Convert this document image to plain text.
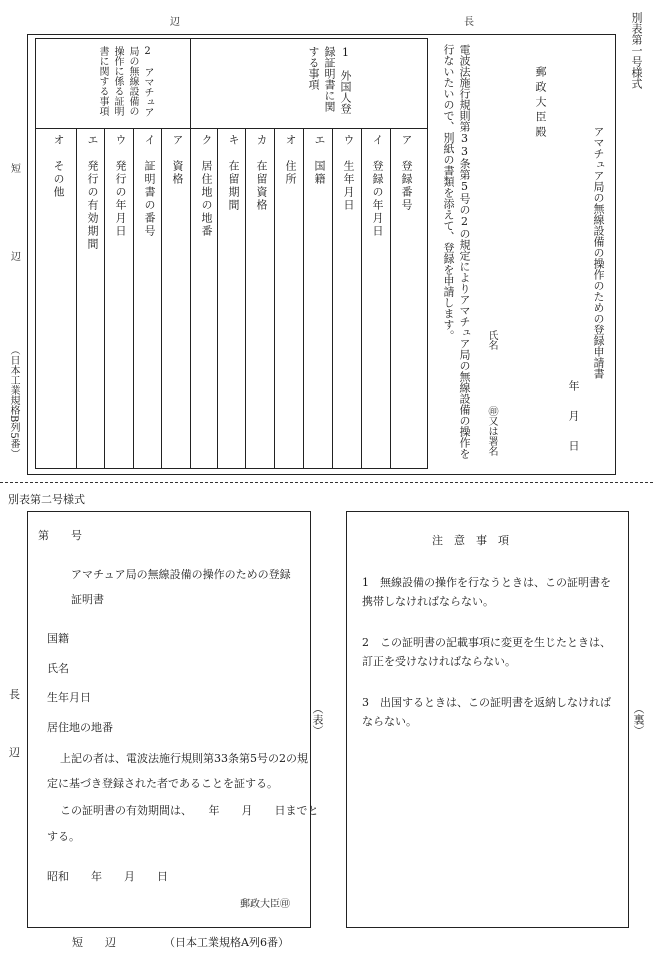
別表第一号様式
長
辺
短
辺
（日本工業規格B列5番）
アマチュア局の無線設備の操作のための登録申請書
年　月　日
郵政大臣殿
氏名
㊞又は署名
電波法施行規則第33条第5号の2の規定によりアマチュア局の無線設備の操作を行ないたいので、別紙の書類を添えて、登録を申請します。
1　外国人登録証明書に関する事項
2　アマチュア局の無線設備の操作に係る証明書に関する事項
ア　登録番号
イ　登録の年月日
ウ　生年月日
エ　国籍
オ　住所
カ　在留資格
キ　在留期間
ク　居住地の地番
ア　資格
イ　証明書の番号
ウ　発行の年月日
エ　発行の有効期間
オ　その他
別表第二号様式
長
辺
第　　号
アマチュア局の無線設備の操作のための登録
証明書
国籍
氏名
生年月日
居住地の地番
上記の者は、電波法施行規則第33条第5号の2の規
定に基づき登録された者であることを証する。
この証明書の有効期間は、　　年　　月　　日までと
する。
昭和　　年　　月　　日
郵政大臣㊞
短　　辺	（日本工業規格A列6番）
（表）	（裏）
注　意　事　項

1　無線設備の操作を行なうときは、この証明書を携帯しなければならない。

2　この証明書の記載事項に変更を生じたときは、訂正を受けなければならない。

3　出国するときは、この証明書を返納しなければならない。
